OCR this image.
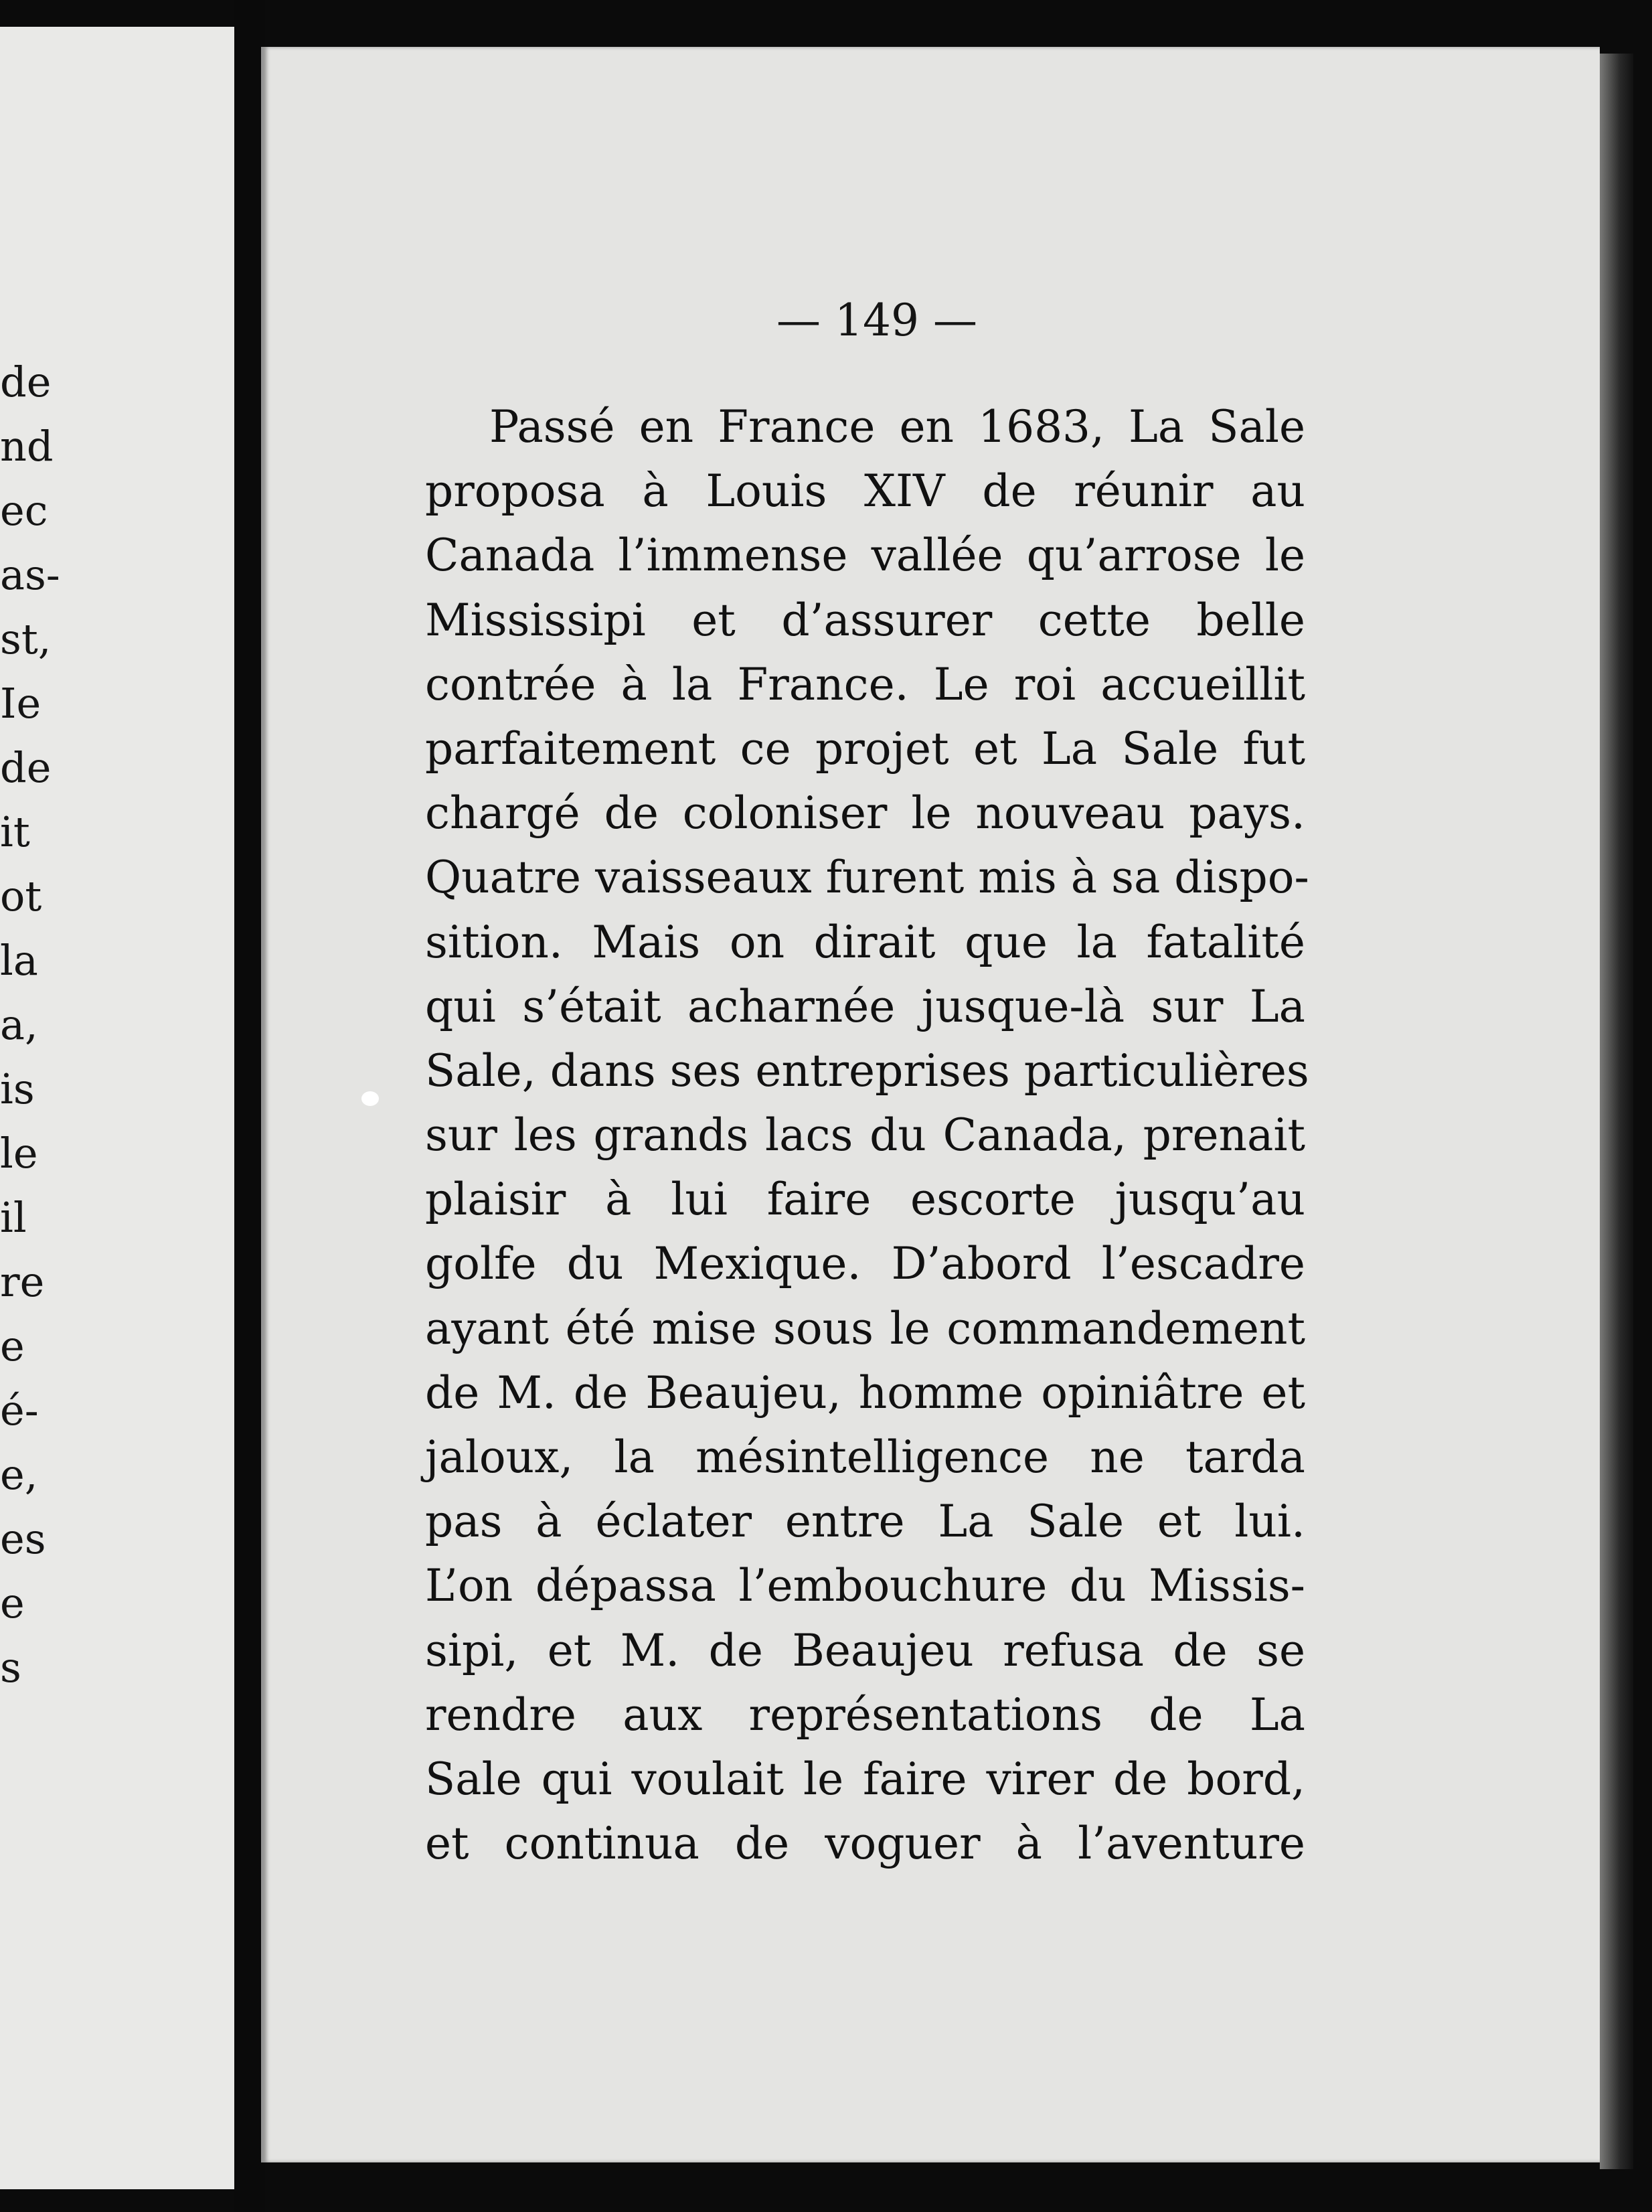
de
nd
ec
as-
st,
Ie
de
it
ot
la
a,
is
le
il
re
e
é-
e,
es
e
s
— 149 —
Passé en France en 1683, La Sale
proposa à Louis XIV de réunir au
Canada l’immense vallée qu’arrose le
Mississipi et d’assurer cette belle
contrée à la France. Le roi accueillit
parfaitement ce projet et La Sale fut
chargé de coloniser le nouveau pays.
Quatre vaisseaux furent mis à sa dispo-
sition. Mais on dirait que la fatalité
qui s’était acharnée jusque-là sur La
Sale, dans ses entreprises particulières
sur les grands lacs du Canada, prenait
plaisir à lui faire escorte jusqu’au
golfe du Mexique. D’abord l’escadre
ayant été mise sous le commandement
de M. de Beaujeu, homme opiniâtre et
jaloux, la mésintelligence ne tarda
pas à éclater entre La Sale et lui.
L’on dépassa l’embouchure du Missis-
sipi, et M. de Beaujeu refusa de se
rendre aux représentations de La
Sale qui voulait le faire virer de bord,
et continua de voguer à l’aventure
